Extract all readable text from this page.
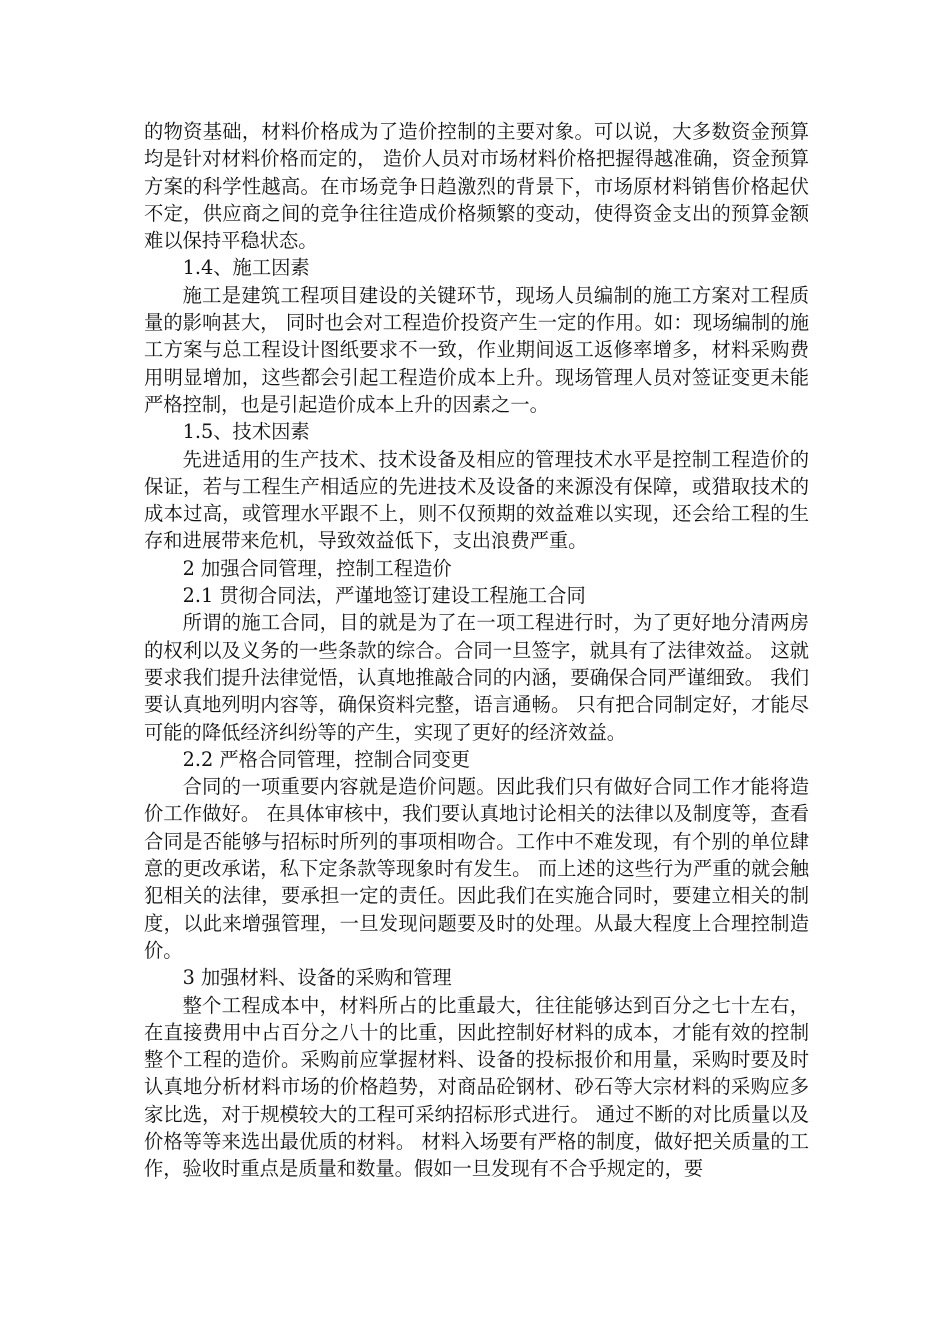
的物资基础，材料价格成为了造价控制的主要对象。可以说，大多数资金预算均是针对材料价格而定的， 造价人员对市场材料价格把握得越准确，资金预算方案的科学性越高。在市场竞争日趋激烈的背景下，市场原材料销售价格起伏不定，供应商之间的竞争往往造成价格频繁的变动，使得资金支出的预算金额难以保持平稳状态。

1.4、施工因素

施工是建筑工程项目建设的关键环节，现场人员编制的施工方案对工程质量的影响甚大， 同时也会对工程造价投资产生一定的作用。如：现场编制的施工方案与总工程设计图纸要求不一致，作业期间返工返修率增多，材料采购费用明显增加，这些都会引起工程造价成本上升。现场管理人员对签证变更未能严格控制，也是引起造价成本上升的因素之一。

1.5、技术因素

先进适用的生产技术、技术设备及相应的管理技术水平是控制工程造价的保证，若与工程生产相适应的先进技术及设备的来源没有保障，或猎取技术的成本过高，或管理水平跟不上，则不仅预期的效益难以实现，还会给工程的生存和进展带来危机，导致效益低下，支出浪费严重。

2 加强合同管理，控制工程造价

2.1 贯彻合同法，严谨地签订建设工程施工合同

所谓的施工合同，目的就是为了在一项工程进行时，为了更好地分清两房的权利以及义务的一些条款的综合。合同一旦签字，就具有了法律效益。 这就要求我们提升法律觉悟，认真地推敲合同的内涵，要确保合同严谨细致。 我们要认真地列明内容等，确保资料完整，语言通畅。 只有把合同制定好，才能尽可能的降低经济纠纷等的产生，实现了更好的经济效益。

2.2 严格合同管理，控制合同变更

合同的一项重要内容就是造价问题。因此我们只有做好合同工作才能将造价工作做好。 在具体审核中，我们要认真地讨论相关的法律以及制度等，查看合同是否能够与招标时所列的事项相吻合。工作中不难发现，有个别的单位肆意的更改承诺，私下定条款等现象时有发生。 而上述的这些行为严重的就会触犯相关的法律，要承担一定的责任。因此我们在实施合同时，要建立相关的制度，以此来增强管理，一旦发现问题要及时的处理。从最大程度上合理控制造价。

3 加强材料、设备的采购和管理

整个工程成本中，材料所占的比重最大，往往能够达到百分之七十左右，在直接费用中占百分之八十的比重，因此控制好材料的成本，才能有效的控制整个工程的造价。采购前应掌握材料、设备的投标报价和用量，采购时要及时认真地分析材料市场的价格趋势，对商品砼钢材、砂石等大宗材料的采购应多家比选，对于规模较大的工程可采纳招标形式进行。 通过不断的对比质量以及价格等等来选出最优质的材料。 材料入场要有严格的制度，做好把关质量的工作，验收时重点是质量和数量。假如一旦发现有不合乎规定的，要
